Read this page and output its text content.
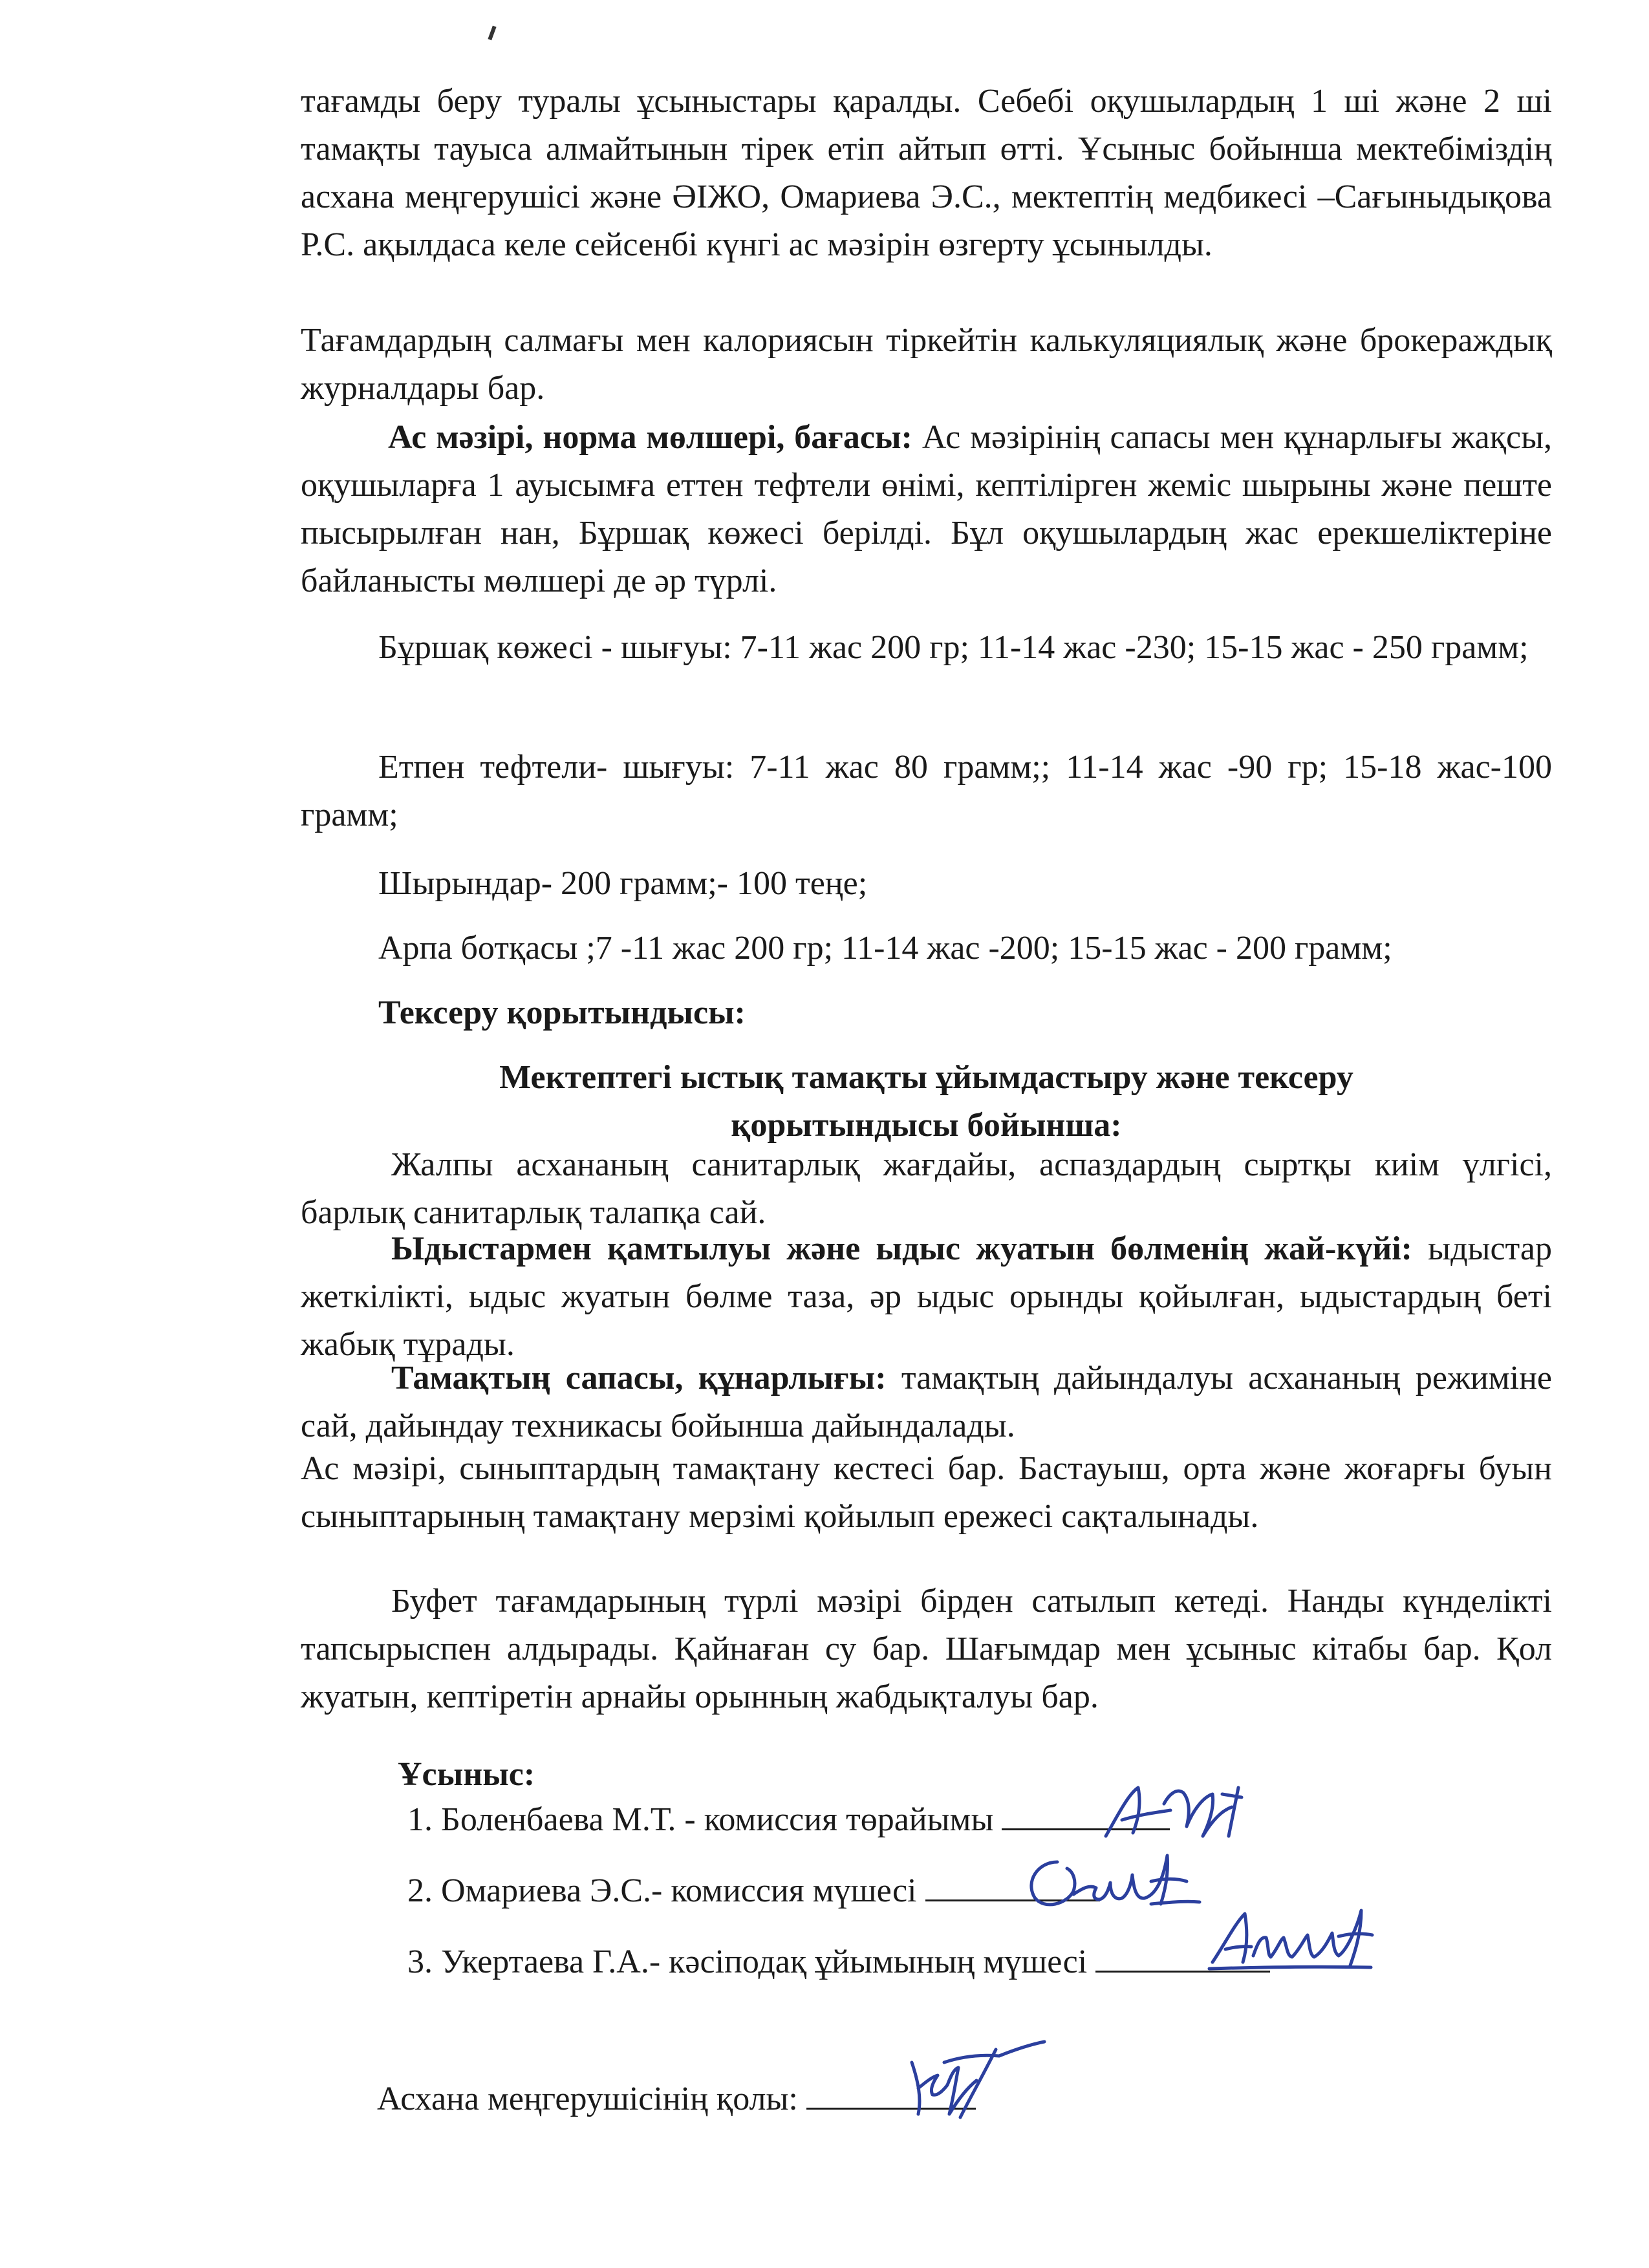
тағамды беру туралы ұсыныстары қаралды. Себебі оқушылардың 1 ші және 2 ші тамақты тауыса алмайтынын тірек етіп айтып өтті. Ұсыныс бойынша мектебіміздің асхана меңгерушісі және ӘІЖО, Омариева Э.С., мектептің медбикесі –Сағыныдықова Р.С. ақылдаса келе сейсенбі күнгі ас мәзірін өзгерту ұсынылды.
Тағамдардың салмағы мен калориясын тіркейтін калькуляциялық және брокераждық журналдары бар.
Ас мәзірі, норма мөлшері, бағасы: Ас мәзірінің сапасы мен құнарлығы жақсы, оқушыларға 1 ауысымға еттен тефтели өнімі, кептілірген жеміс шырыны және пеште пысырылған нан, Бұршақ көжесі берілді. Бұл оқушылардың жас ерекшеліктеріне байланысты мөлшері де әр түрлі.
Бұршақ көжесі - шығуы: 7-11 жас 200 гр; 11-14 жас -230; 15-15 жас - 250 грамм;
Етпен тефтели- шығуы: 7-11 жас 80 грамм;; 11-14 жас -90 гр; 15-18 жас-100 грамм;
Шырындар- 200 грамм;- 100 теңе;
Арпа ботқасы ;7 -11 жас 200 гр; 11-14 жас -200; 15-15 жас - 200 грамм;
Тексеру қорытындысы:
Мектептегі ыстық тамақты ұйымдастыру және тексеру
қорытындысы бойынша:
Жалпы асхананың санитарлық жағдайы, аспаздардың сыртқы киім үлгісі, барлық санитарлық талапқа сай.
Ыдыстармен қамтылуы және ыдыс жуатын бөлменің жай-күйі: ыдыстар жеткілікті, ыдыс жуатын бөлме таза, әр ыдыс орынды қойылған, ыдыстардың беті жабық тұрады.
Тамақтың сапасы, құнарлығы: тамақтың дайындалуы асхананың режиміне сай, дайындау техникасы бойынша дайындалады.
Ас мәзірі, сыныптардың тамақтану кестесі бар. Бастауыш, орта және жоғарғы буын сыныптарының тамақтану мерзімі қойылып ережесі сақталынады.
Буфет тағамдарының түрлі мәзірі бірден сатылып кетеді. Нанды күнделікті тапсырыспен алдырады. Қайнаған су бар. Шағымдар мен ұсыныс кітабы бар. Қол жуатын, кептіретін арнайы орынның жабдықталуы бар.
Ұсыныс:
1. Боленбаева М.Т. - комиссия төрайымы
2. Омариева Э.С.- комиссия мүшесі
3. Укертаева Г.А.- кәсіподақ ұйымының мүшесі
Асхана меңгерушісінің қолы:
